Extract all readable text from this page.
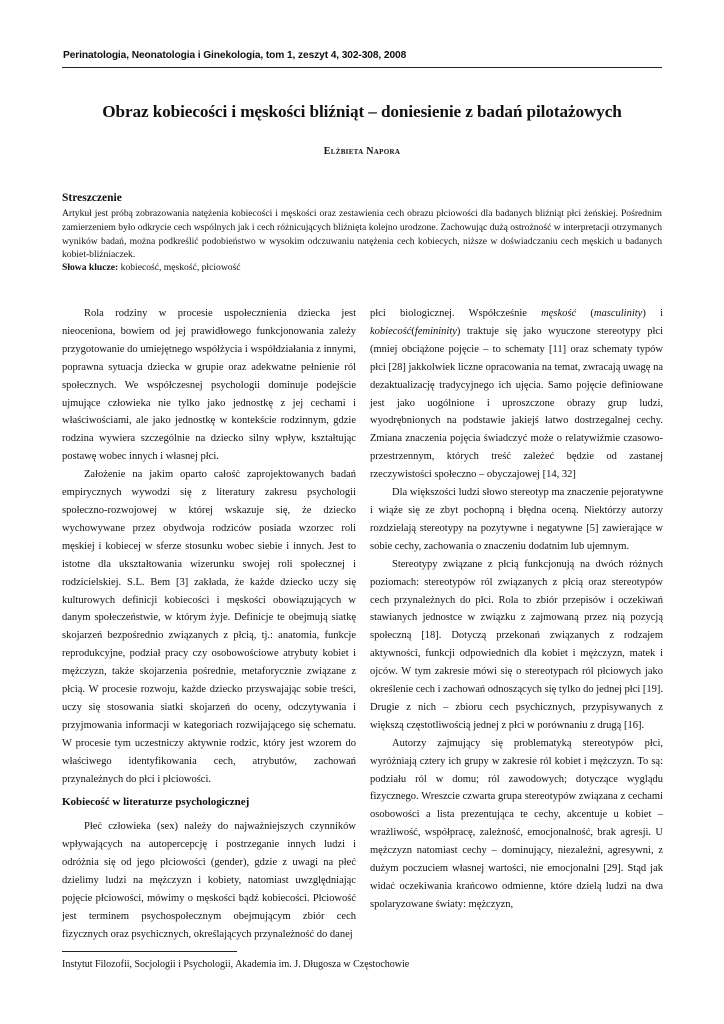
Perinatologia, Neonatologia i Ginekologia, tom 1, zeszyt 4, 302-308, 2008
Obraz kobiecości i męskości bliźniąt – doniesienie z badań pilotażowych
Elżbieta Napora
Streszczenie
Artykuł jest próbą zobrazowania natężenia kobiecości i męskości oraz zestawienia cech obrazu płciowości dla badanych bliźniąt płci żeńskiej. Pośrednim zamierzeniem było odkrycie cech wspólnych jak i cech różnicujących bliźnięta kolejno urodzone. Zachowując dużą ostrożność w interpretacji otrzymanych wyników badań, można podkreślić podobieństwo w wysokim odczuwaniu natężenia cech kobiecych, niższe w doświadczaniu cech męskich u badanych kobiet-bliźniaczek.
Słowa klucze: kobiecość, męskość, płciowość

Rola rodziny w procesie uspołecznienia dziecka jest nieoceniona, bowiem od jej prawidłowego funkcjonowania zależy przygotowanie do umiejętnego współżycia i współdziałania z innymi, poprawna sytuacja dziecka w grupie oraz adekwatne pełnienie ról społecznych. We współczesnej psychologii dominuje podejście ujmujące człowieka nie tylko jako jednostkę z jej cechami i właściwościami, ale jako jednostkę w kontekście rodzinnym, gdzie rodzina wywiera szczególnie na dziecko silny wpływ, kształtując postawę wobec innych i własnej płci.

Założenie na jakim oparto całość zaprojektowanych badań empirycznych wywodzi się z literatury zakresu psychologii społeczno-rozwojowej w której wskazuje się, że dziecko wychowywane przez obydwoja rodziców posiada wzorzec roli męskiej i kobiecej w sferze stosunku wobec siebie i innych. Jest to istotne dla ukształtowania wizerunku swojej roli społecznej i rodzicielskiej. S.L. Bem [3] zakłada, że każde dziecko uczy się kulturowych definicji kobiecości i męskości obowiązujących w danym społeczeństwie, w którym żyje. Definicje te obejmują siatkę skojarzeń bezpośrednio związanych z płcią, tj.: anatomia, funkcje reprodukcyjne, podział pracy czy osobowościowe atrybuty kobiet i mężczyzn, także skojarzenia pośrednie, metaforycznie związane z płcią. W procesie rozwoju, każde dziecko przyswajając sobie treści, uczy się stosowania siatki skojarzeń do oceny, odczytywania i przyjmowania informacji w kategoriach rozwijającego się schematu. W procesie tym uczestniczy aktywnie rodzic, który jest wzorem do właściwego identyfikowania cech, atrybutów, zachowań przynależnych do płci i płciowości.

Kobiecość w literaturze psychologicznej

Płeć człowieka (sex) należy do najważniejszych czynników wpływających na autopercepcję i postrzeganie innych ludzi i odróżnia się od jego płciowości (gender), gdzie z uwagi na płeć dzielimy ludzi na mężczyzn i kobiety, natomiast uwzględniając pojęcie płciowości, mówimy o męskości bądź kobiecości. Płciowość jest terminem psychospołecznym obejmującym zbiór cech fizycznych oraz psychicznych, określających przynależność do danej

płci biologicznej. Współcześnie męskość (masculinity) i kobiecość(femininity) traktuje się jako wyuczone stereotypy płci (mniej obciążone pojęcie – to schematy [11] oraz schematy typów płci [28] jakkolwiek liczne opracowania na temat, zwracają uwagę na dezaktualizację tradycyjnego ich ujęcia. Samo pojęcie definiowane jest jako uogólnione i uproszczone obrazy grup ludzi, wyodrębnionych na podstawie jakiejś łatwo dostrzegalnej cechy. Zmiana znaczenia pojęcia świadczyć może o relatywiźmie czasowo-przestrzennym, których treść zależeć będzie od zastanej rzeczywistości społeczno – obyczajowej [14, 32]

Dla większości ludzi słowo stereotyp ma znaczenie pejoratywne i wiąże się ze zbyt pochopną i błędna oceną. Niektórzy autorzy rozdzielają stereotypy na pozytywne i negatywne [5] zawierające w sobie cechy, zachowania o znaczeniu dodatnim lub ujemnym.

Stereotypy związane z płcią funkcjonują na dwóch różnych poziomach: stereotypów ról związanych z płcią oraz stereotypów cech przynależnych do płci. Rola to zbiór przepisów i oczekiwań stawianych jednostce w związku z zajmowaną przez nią pozycją społeczną [18]. Dotyczą przekonań związanych z rodzajem aktywności, funkcji odpowiednich dla kobiet i mężczyzn, matek i ojców. W tym zakresie mówi się o stereotypach ról płciowych jako określenie cech i zachowań odnoszących się tylko do jednej płci [19]. Drugie z nich – zbioru cech psychicznych, przypisywanych z większą częstotliwością jednej z płci w porównaniu z drugą [16].

Autorzy zajmujący się problematyką stereotypów płci, wyróżniają cztery ich grupy w zakresie ról kobiet i mężczyzn. To są: podziału ról w domu; ról zawodowych; dotyczące wyglądu fizycznego. Wreszcie czwarta grupa stereotypów związana z cechami osobowości a lista prezentująca te cechy, akcentuje u kobiet – wrażliwość, współpracę, zależność, emocjonalność, brak agresji. U mężczyzn natomiast cechy – dominujący, niezależni, agresywni, z dużym poczuciem własnej wartości, nie emocjonalni [29]. Stąd jak widać oczekiwania krańcowo odmienne, które dzielą ludzi na dwa spolaryzowane światy: mężczyzn,

Instytut Filozofii, Socjologii i Psychologii, Akademia im. J. Długosza w Częstochowie
